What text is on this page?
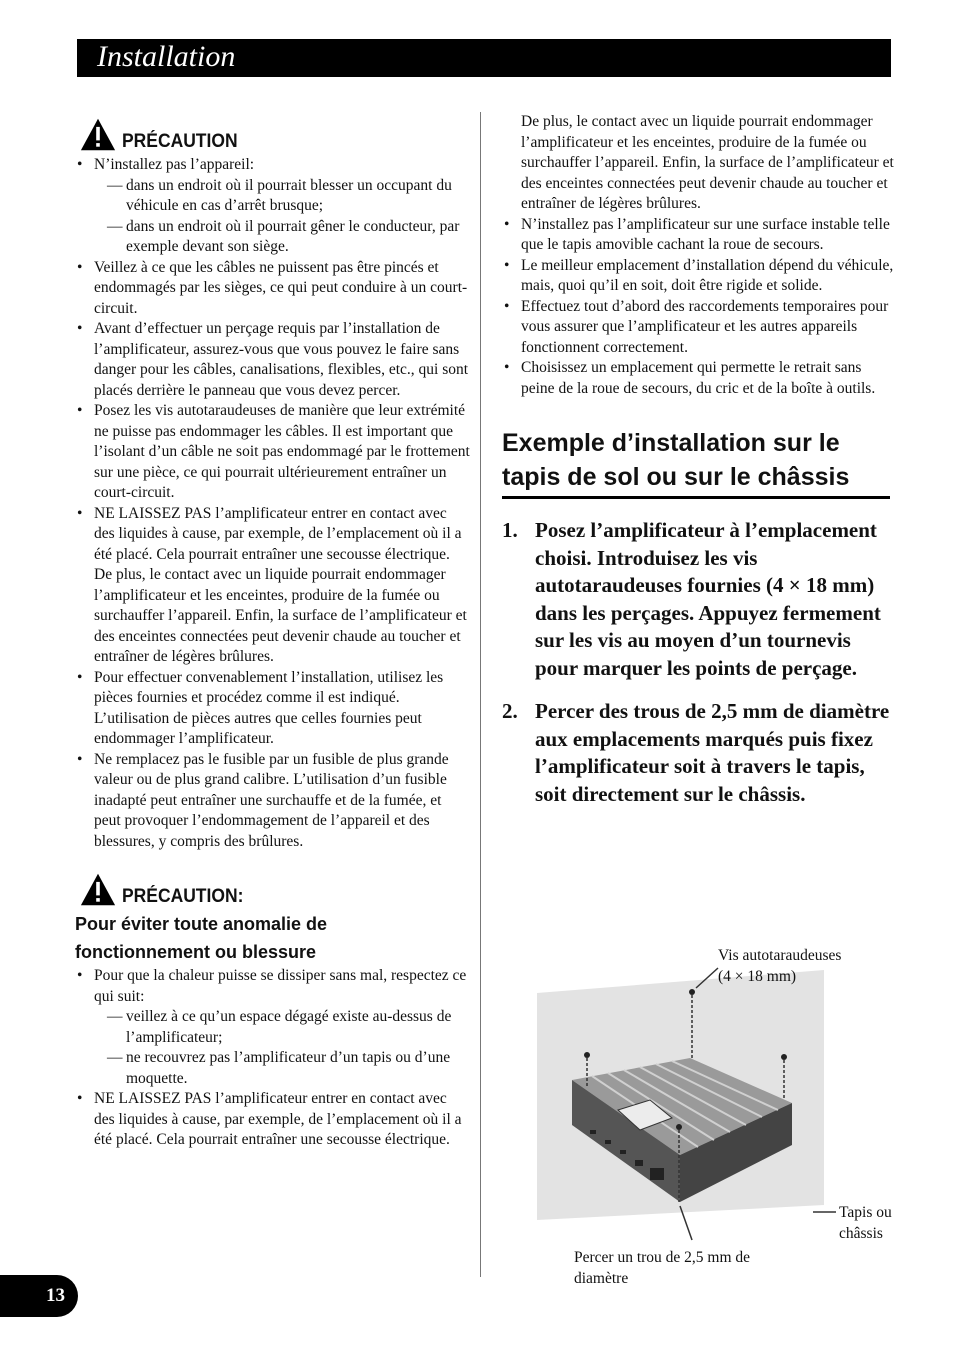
Installation
PRÉCAUTION
• N’installez pas l’appareil:
— dans un endroit où il pourrait blesser un occupant du véhicule en cas d’arrêt brusque;
— dans un endroit où il pourrait gêner le conducteur, par exemple devant son siège.
• Veillez à ce que les câbles ne puissent pas être pincés et endommagés par les sièges, ce qui peut conduire à un court-circuit.
• Avant d’effectuer un perçage requis par l’installation de l’amplificateur, assurez-vous que vous pouvez le faire sans danger pour les câbles, canalisations, flexibles, etc., qui sont placés derrière le panneau que vous devez percer.
• Posez les vis autotaraudeuses de manière que leur extrémité ne puisse pas endommager les câbles. Il est important que l’isolant d’un câble ne soit pas endommagé par le frottement sur une pièce, ce qui pourrait ultérieurement entraîner un court-circuit.
• NE LAISSEZ PAS l’amplificateur entrer en contact avec des liquides à cause, par exemple, de l’emplacement où il a été placé. Cela pourrait entraîner une secousse électrique. De plus, le contact avec un liquide pourrait endommager l’amplificateur et les enceintes, produire de la fumée ou surchauffer l’appareil. Enfin, la surface de l’amplificateur et des enceintes connectées peut devenir chaude au toucher et entraîner de légères brûlures.
• Pour effectuer convenablement l’installation, utilisez les pièces fournies et procédez comme il est indiqué. L’utilisation de pièces autres que celles fournies peut endommager l’amplificateur.
• Ne remplacez pas le fusible par un fusible de plus grande valeur ou de plus grand calibre. L’utilisation d’un fusible inadapté peut entraîner une surchauffe et de la fumée, et peut provoquer l’endommagement de l’appareil et des blessures, y compris des brûlures.
PRÉCAUTION:
Pour éviter toute anomalie de fonctionnement ou blessure
• Pour que la chaleur puisse se dissiper sans mal, respectez ce qui suit:
— veillez à ce qu’un espace dégagé existe au-dessus de l’amplificateur;
— ne recouvrez pas l’amplificateur d’un tapis ou d’une moquette.
• NE LAISSEZ PAS l’amplificateur entrer en contact avec des liquides à cause, par exemple, de l’emplacement où il a été placé. Cela pourrait entraîner une secousse électrique.
De plus, le contact avec un liquide pourrait endommager l’amplificateur et les enceintes, produire de la fumée ou surchauffer l’appareil. Enfin, la surface de l’amplificateur et des enceintes connectées peut devenir chaude au toucher et entraîner de légères brûlures.
• N’installez pas l’amplificateur sur une surface instable telle que le tapis amovible cachant la roue de secours.
• Le meilleur emplacement d’installation dépend du véhicule, mais, quoi qu’il en soit, doit être rigide et solide.
• Effectuez tout d’abord des raccordements temporaires pour vous assurer que l’amplificateur et les autres appareils fonctionnent correctement.
• Choisissez un emplacement qui permette le retrait sans peine de la roue de secours, du cric et de la boîte à outils.
Exemple d’installation sur le tapis de sol ou sur le châssis
1. Posez l’amplificateur à l’emplacement choisi. Introduisez les vis autotaraudeuses fournies (4 × 18 mm) dans les perçages. Appuyez fermement sur les vis au moyen d’un tournevis pour marquer les points de perçage.
2. Percer des trous de 2,5 mm de diamètre aux emplacements marqués puis fixez l’amplificateur soit à travers le tapis, soit directement sur le châssis.
Vis autotaraudeuses
(4 × 18 mm)
Tapis ou
châssis
Percer un trou de 2,5 mm de diamètre
13
